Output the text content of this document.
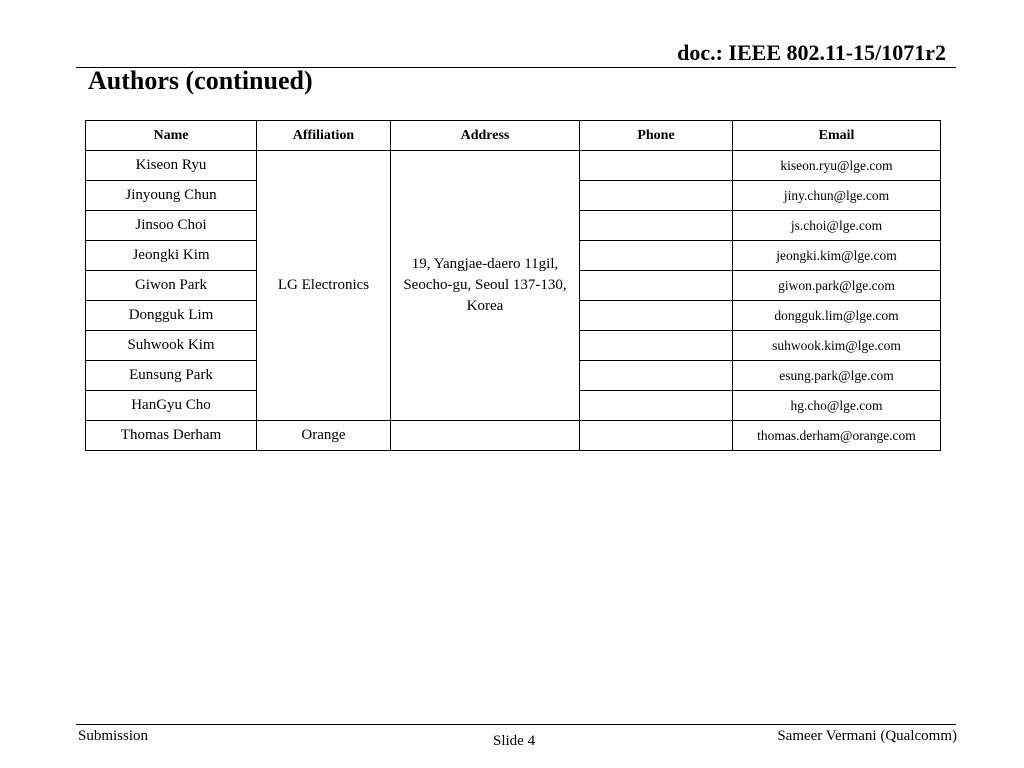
doc.: IEEE 802.11-15/1071r2
Authors (continued)
Name	Affiliation	Address	Phone	Email
Kiseon Ryu	LG Electronics	19, Yangjae-daero 11gil, Seocho-gu, Seoul 137-130, Korea		kiseon.ryu@lge.com
Jinyoung Chun				jiny.chun@lge.com
Jinsoo Choi				js.choi@lge.com
Jeongki Kim				jeongki.kim@lge.com
Giwon Park				giwon.park@lge.com
Dongguk Lim				dongguk.lim@lge.com
Suhwook Kim				suhwook.kim@lge.com
Eunsung Park				esung.park@lge.com
HanGyu Cho				hg.cho@lge.com
Thomas Derham	Orange			thomas.derham@orange.com
Submission	Slide 4	Sameer Vermani (Qualcomm)
